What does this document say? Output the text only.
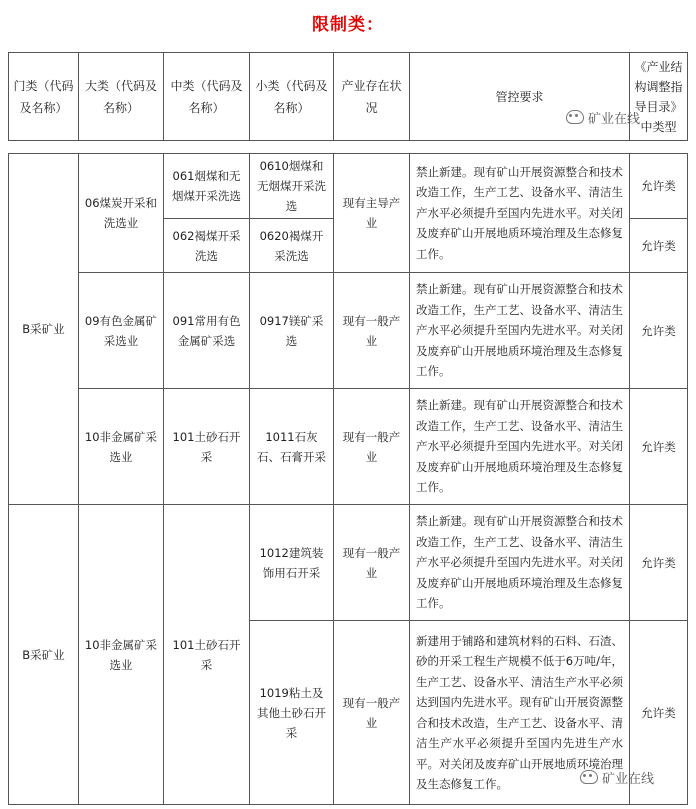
限制类：
门类（代码及名称）	大类（代码及名称）	中类（代码及名称）	小类（代码及名称）	产业存在状况	管控要求	《产业结构调整指导目录》中类型
矿业在线
B采矿业	06煤炭开采和洗选业	061烟煤和无烟煤开采洗选	0610烟煤和无烟煤开采洗选	现有主导产业	禁止新建。现有矿山开展资源整合和技术改造工作，生产工艺、设备水平、清洁生产水平必须提升至国内先进水平。对关闭及废弃矿山开展地质环境治理及生态修复工作。	允许类
		062褐煤开采洗选	0620褐煤开采洗选			允许类
	09有色金属矿采选业	091常用有色金属矿采选	0917镁矿采选	现有一般产业	禁止新建。现有矿山开展资源整合和技术改造工作，生产工艺、设备水平、清洁生产水平必须提升至国内先进水平。对关闭及废弃矿山开展地质环境治理及生态修复工作。	允许类
	10非金属矿采选业	101土砂石开采	1011石灰石、石膏开采	现有一般产业	禁止新建。现有矿山开展资源整合和技术改造工作，生产工艺、设备水平、清洁生产水平必须提升至国内先进水平。对关闭及废弃矿山开展地质环境治理及生态修复工作。	允许类
B采矿业	10非金属矿采选业	101土砂石开采	1012建筑装饰用石开采	现有一般产业	禁止新建。现有矿山开展资源整合和技术改造工作，生产工艺、设备水平、清洁生产水平必须提升至国内先进水平。对关闭及废弃矿山开展地质环境治理及生态修复工作。	允许类
			1019粘土及其他土砂石开采	现有一般产业	新建用于铺路和建筑材料的石料、石渣、砂的开采工程生产规模不低于6万吨/年，生产工艺、设备水平、清洁生产水平必须达到国内先进水平。现有矿山开展资源整合和技术改造，生产工艺、设备水平、清洁生产水平必须提升至国内先进生产水平。对关闭及废弃矿山开展地质环境治理及生态修复工作。	允许类
矿业在线
